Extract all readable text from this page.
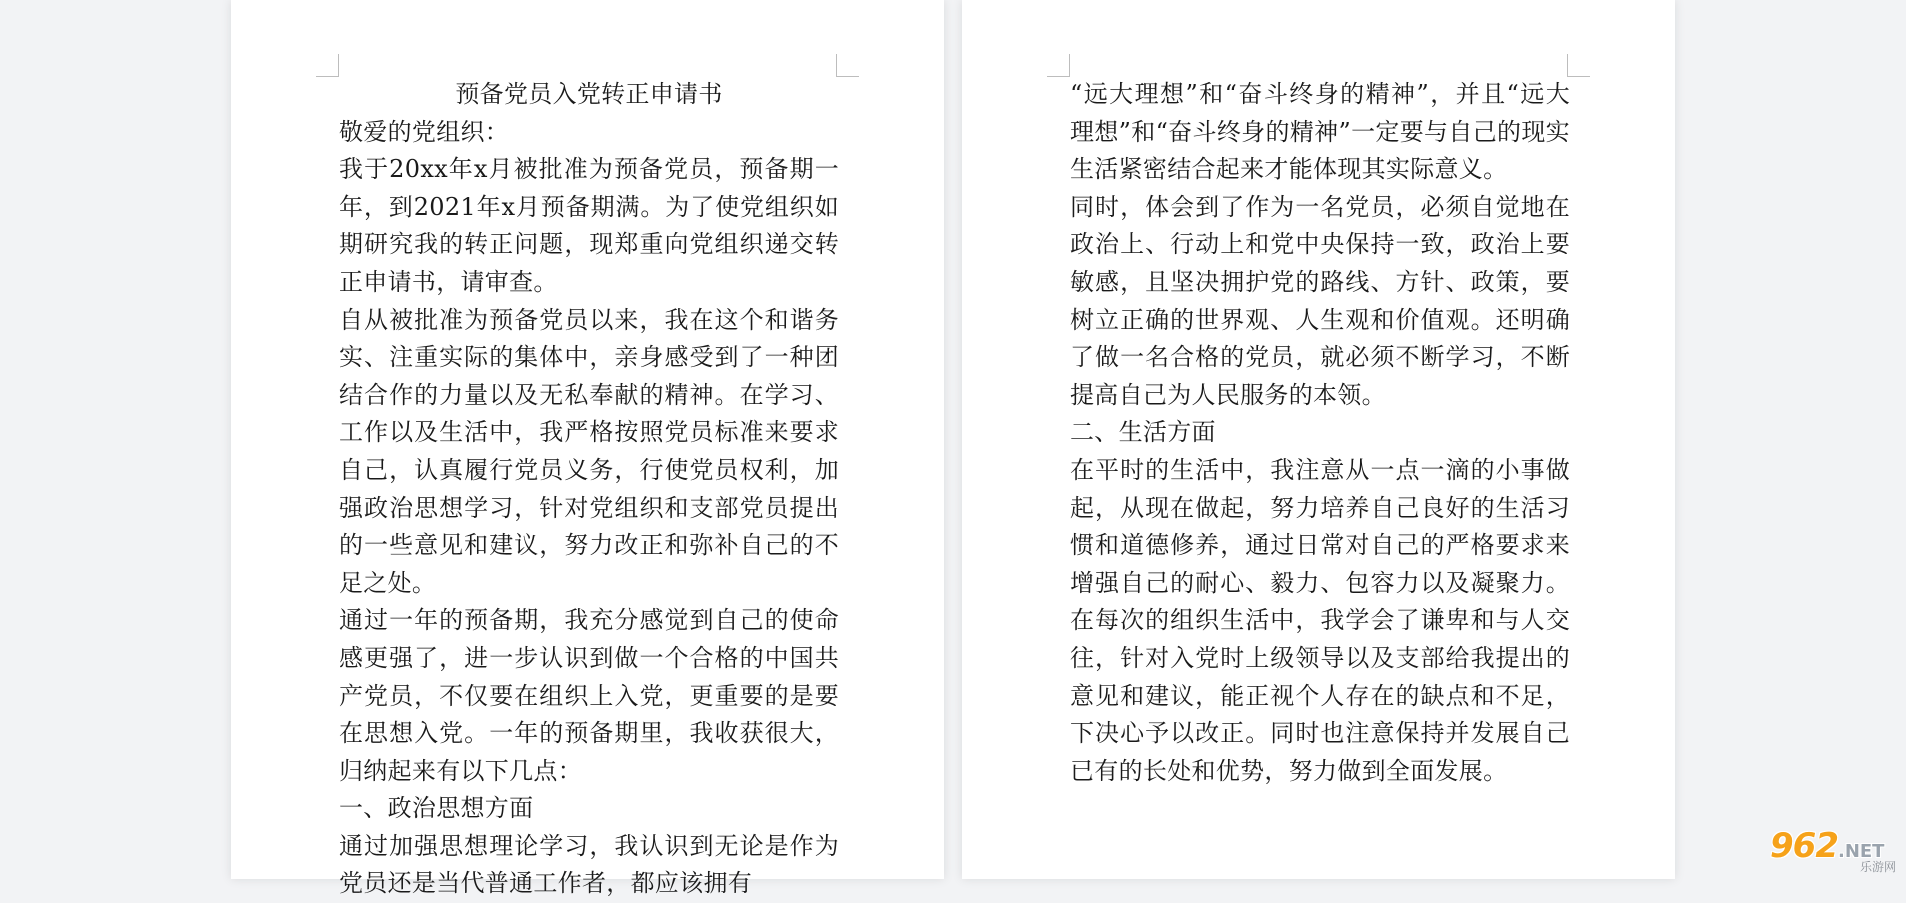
预备党员入党转正申请书

敬爱的党组织：

我于20xx年x月被批准为预备党员，预备期一年，到2021年x月预备期满。为了使党组织如期研究我的转正问题，现郑重向党组织递交转正申请书，请审查。

自从被批准为预备党员以来，我在这个和谐务实、注重实际的集体中，亲身感受到了一种团结合作的力量以及无私奉献的精神。在学习、工作以及生活中，我严格按照党员标准来要求自己，认真履行党员义务，行使党员权利，加强政治思想学习，针对党组织和支部党员提出的一些意见和建议，努力改正和弥补自己的不足之处。

通过一年的预备期，我充分感觉到自己的使命感更强了，进一步认识到做一个合格的中国共产党员，不仅要在组织上入党，更重要的是要在思想入党。一年的预备期里，我收获很大，归纳起来有以下几点：

一、政治思想方面

通过加强思想理论学习，我认识到无论是作为党员还是当代普通工作者，都应该拥有

“远大理想”和“奋斗终身的精神”，并且“远大理想”和“奋斗终身的精神”一定要与自己的现实生活紧密结合起来才能体现其实际意义。

同时，体会到了作为一名党员，必须自觉地在政治上、行动上和党中央保持一致，政治上要敏感，且坚决拥护党的路线、方针、政策，要树立正确的世界观、人生观和价值观。还明确了做一名合格的党员，就必须不断学习，不断提高自己为人民服务的本领。

二、生活方面

在平时的生活中，我注意从一点一滴的小事做起，从现在做起，努力培养自己良好的生活习惯和道德修养，通过日常对自己的严格要求来增强自己的耐心、毅力、包容力以及凝聚力。在每次的组织生活中，我学会了谦卑和与人交往，针对入党时上级领导以及支部给我提出的意见和建议，能正视个人存在的缺点和不足，下决心予以改正。同时也注意保持并发展自己已有的长处和优势，努力做到全面发展。

962.NET
乐游网
